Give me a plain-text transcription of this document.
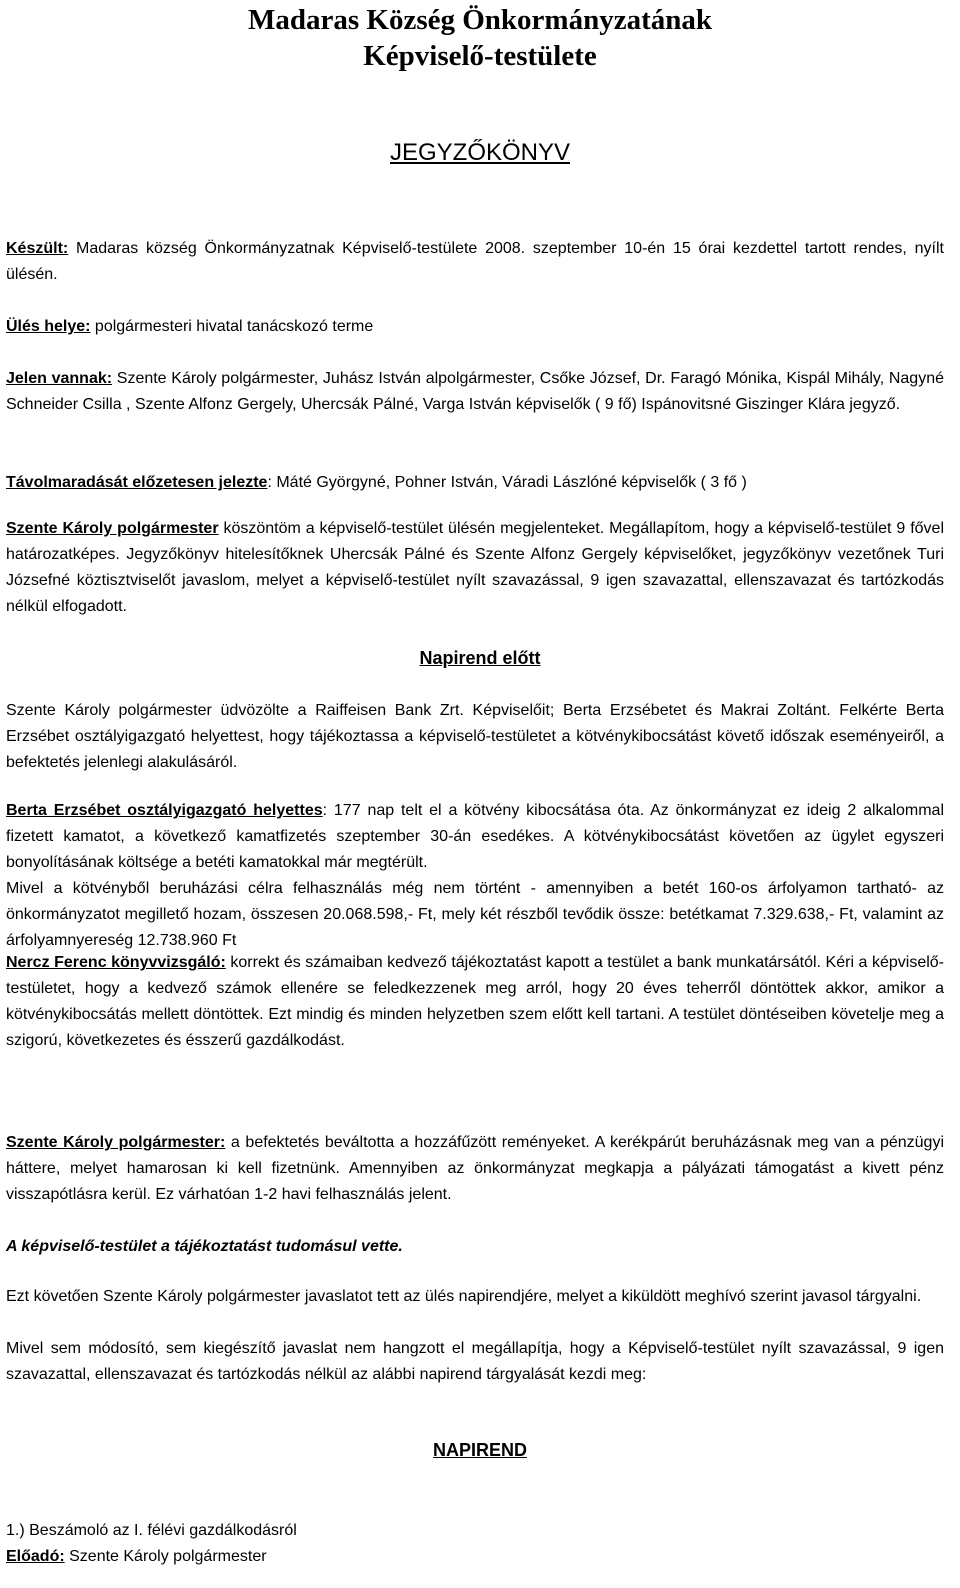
Madaras Község Önkormányzatának
Képviselő-testülete
JEGYZŐKÖNYV
Készült: Madaras község Önkormányzatnak Képviselő-testülete 2008. szeptember 10-én 15 órai kezdettel tartott rendes, nyílt ülésén.
Ülés helye: polgármesteri hivatal tanácskozó terme
Jelen vannak: Szente Károly polgármester, Juhász István alpolgármester, Csőke József, Dr. Faragó Mónika, Kispál Mihály, Nagyné Schneider Csilla , Szente Alfonz Gergely, Uhercsák Pálné, Varga István képviselők ( 9 fő) Ispánovitsné Giszinger Klára jegyző.
Távolmaradását előzetesen jelezte: Máté Györgyné, Pohner István, Váradi Lászlóné képviselők ( 3 fő )
Szente Károly polgármester köszöntöm a képviselő-testület ülésén megjelenteket. Megállapítom, hogy a képviselő-testület 9 fővel határozatképes. Jegyzőkönyv hitelesítőknek Uhercsák Pálné és Szente Alfonz Gergely képviselőket, jegyzőkönyv vezetőnek Turi Józsefné köztisztviselőt javaslom, melyet a képviselő-testület nyílt szavazással, 9 igen szavazattal, ellenszavazat és tartózkodás nélkül elfogadott.
Napirend előtt
Szente Károly polgármester üdvözölte a Raiffeisen Bank Zrt. Képviselőit; Berta Erzsébetet és Makrai Zoltánt. Felkérte Berta Erzsébet osztályigazgató helyettest, hogy tájékoztassa a képviselő-testületet a kötvénykibocsátást követő időszak eseményeiről, a befektetés jelenlegi alakulásáról.
Berta Erzsébet osztályigazgató helyettes: 177 nap telt el a kötvény kibocsátása óta. Az önkormányzat ez ideig 2 alkalommal fizetett kamatot, a következő kamatfizetés szeptember 30-án esedékes. A kötvénykibocsátást követően az ügylet egyszeri bonyolításának költsége a betéti kamatokkal már megtérült.
Mivel a kötvényből beruházási célra felhasználás még nem történt - amennyiben a betét 160-os árfolyamon tartható- az önkormányzatot megillető hozam, összesen 20.068.598,- Ft, mely két részből tevődik össze: betétkamat 7.329.638,- Ft, valamint az árfolyamnyereség 12.738.960 Ft
Nercz Ferenc könyvvizsgáló: korrekt és számaiban kedvező tájékoztatást kapott a testület a bank munkatársától. Kéri a képviselő-testületet, hogy a kedvező számok ellenére se feledkezzenek meg arról, hogy 20 éves teherről döntöttek akkor, amikor a kötvénykibocsátás mellett döntöttek. Ezt mindig és minden helyzetben szem előtt kell tartani. A testület döntéseiben követelje meg a szigorú, következetes és ésszerű gazdálkodást.
Szente Károly polgármester: a befektetés beváltotta a hozzáfűzött reményeket. A kerékpárút beruházásnak meg van a pénzügyi háttere, melyet hamarosan ki kell fizetnünk. Amennyiben az önkormányzat megkapja a pályázati támogatást a kivett pénz visszapótlásra kerül. Ez várhatóan 1-2 havi felhasználás jelent.
A képviselő-testület a tájékoztatást tudomásul vette.
Ezt követően Szente Károly polgármester javaslatot tett az ülés napirendjére, melyet a kiküldött meghívó szerint javasol tárgyalni.
Mivel sem módosító, sem kiegészítő javaslat nem hangzott el megállapítja, hogy a Képviselő-testület nyílt szavazással, 9 igen szavazattal, ellenszavazat és tartózkodás nélkül az alábbi napirend tárgyalását kezdi meg:
NAPIREND
1.) Beszámoló az I. félévi gazdálkodásról
Előadó: Szente Károly polgármester
